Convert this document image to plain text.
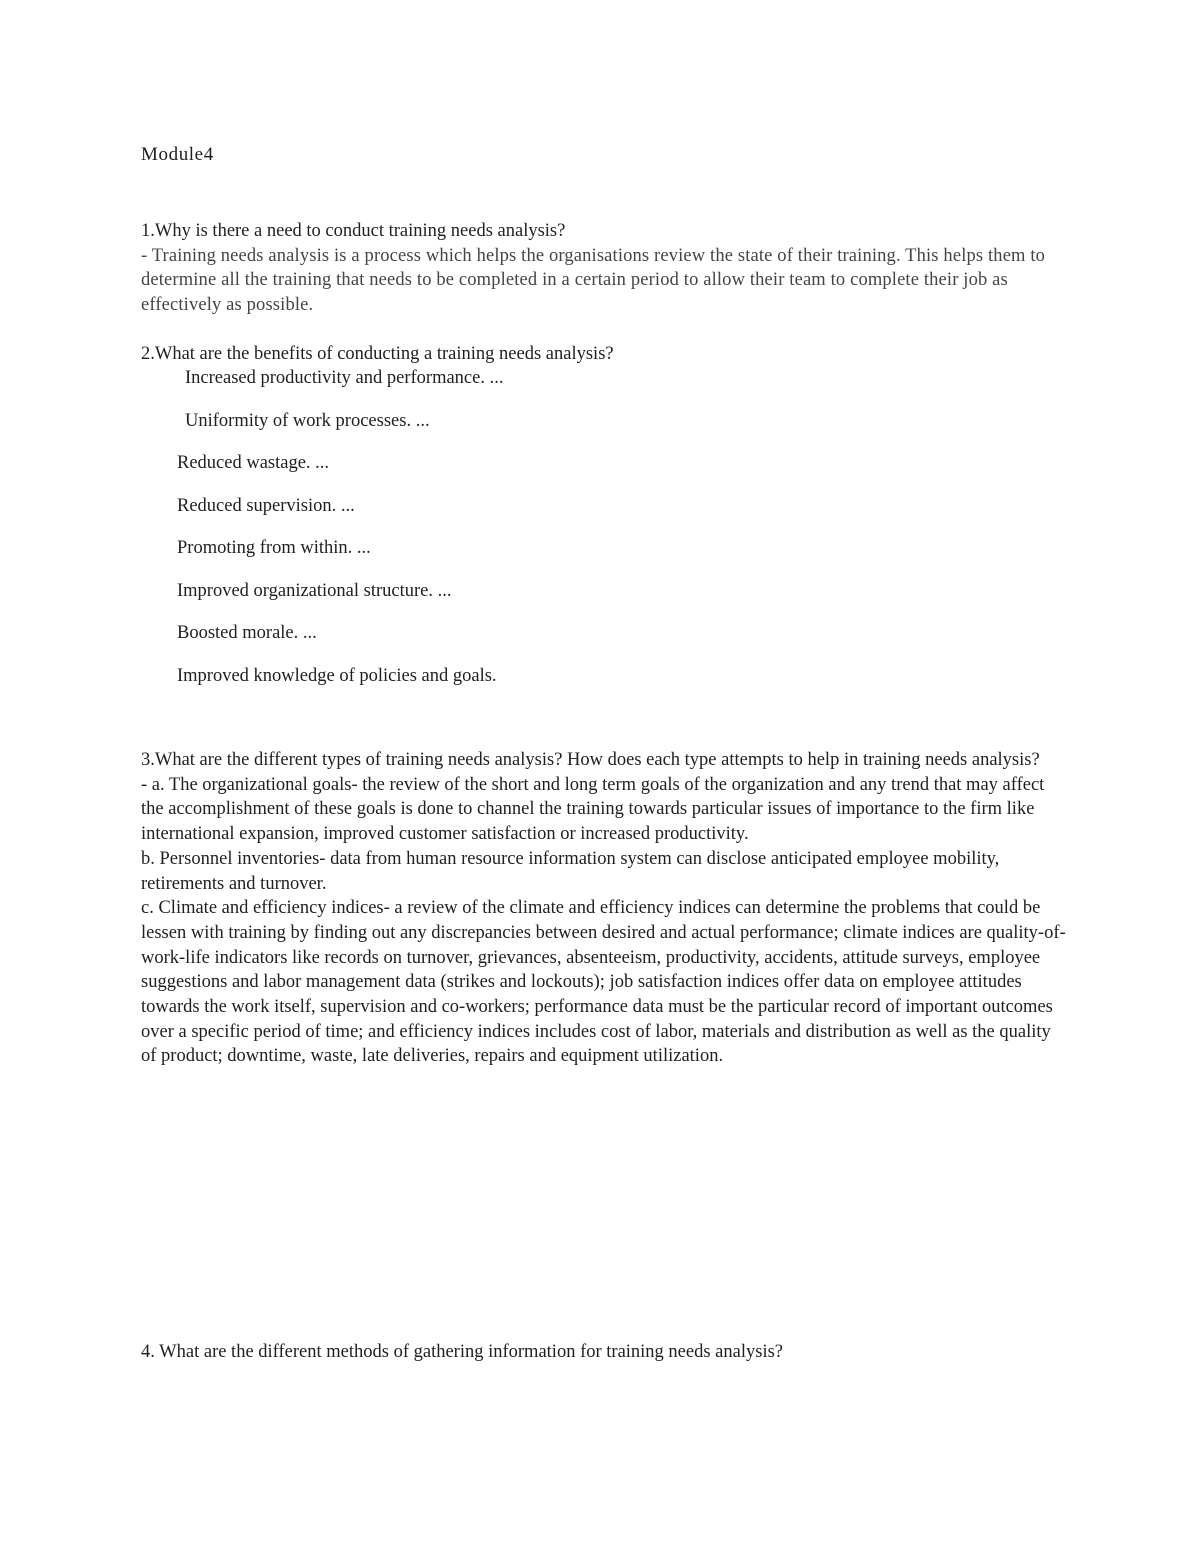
Module4

1.Why is there a need to conduct training needs analysis?

- Training needs analysis is a process which helps the organisations review the state of their training. This helps them to determine all the training that needs to be completed in a certain period to allow their team to complete their job as effectively as possible.

2.What are the benefits of conducting a training needs analysis?

Increased productivity and performance. ...
Uniformity of work processes. ...
Reduced wastage. ...
Reduced supervision. ...
Promoting from within. ...
Improved organizational structure. ...
Boosted morale. ...
Improved knowledge of policies and goals.

3.What are the different types of training needs analysis? How does each type attempts to help in training needs analysis?

- a. The organizational goals- the review of the short and long term goals of the organization and any trend that may affect the accomplishment of these goals is done to channel the training towards particular issues of importance to the firm like international expansion, improved customer satisfaction or increased productivity.

b. Personnel inventories- data from human resource information system can disclose anticipated employee mobility, retirements and turnover.

c. Climate and efficiency indices- a review of the climate and efficiency indices can determine the problems that could be lessen with training by finding out any discrepancies between desired and actual performance; climate indices are quality-of-work-life indicators like records on turnover, grievances, absenteeism, productivity, accidents, attitude surveys, employee suggestions and labor management data (strikes and lockouts); job satisfaction indices offer data on employee attitudes towards the work itself, supervision and co-workers; performance data must be the particular record of important outcomes over a specific period of time; and efficiency indices includes cost of labor, materials and distribution as well as the quality of product; downtime, waste, late deliveries, repairs and equipment utilization.

4. What are the different methods of gathering information for training needs analysis?
